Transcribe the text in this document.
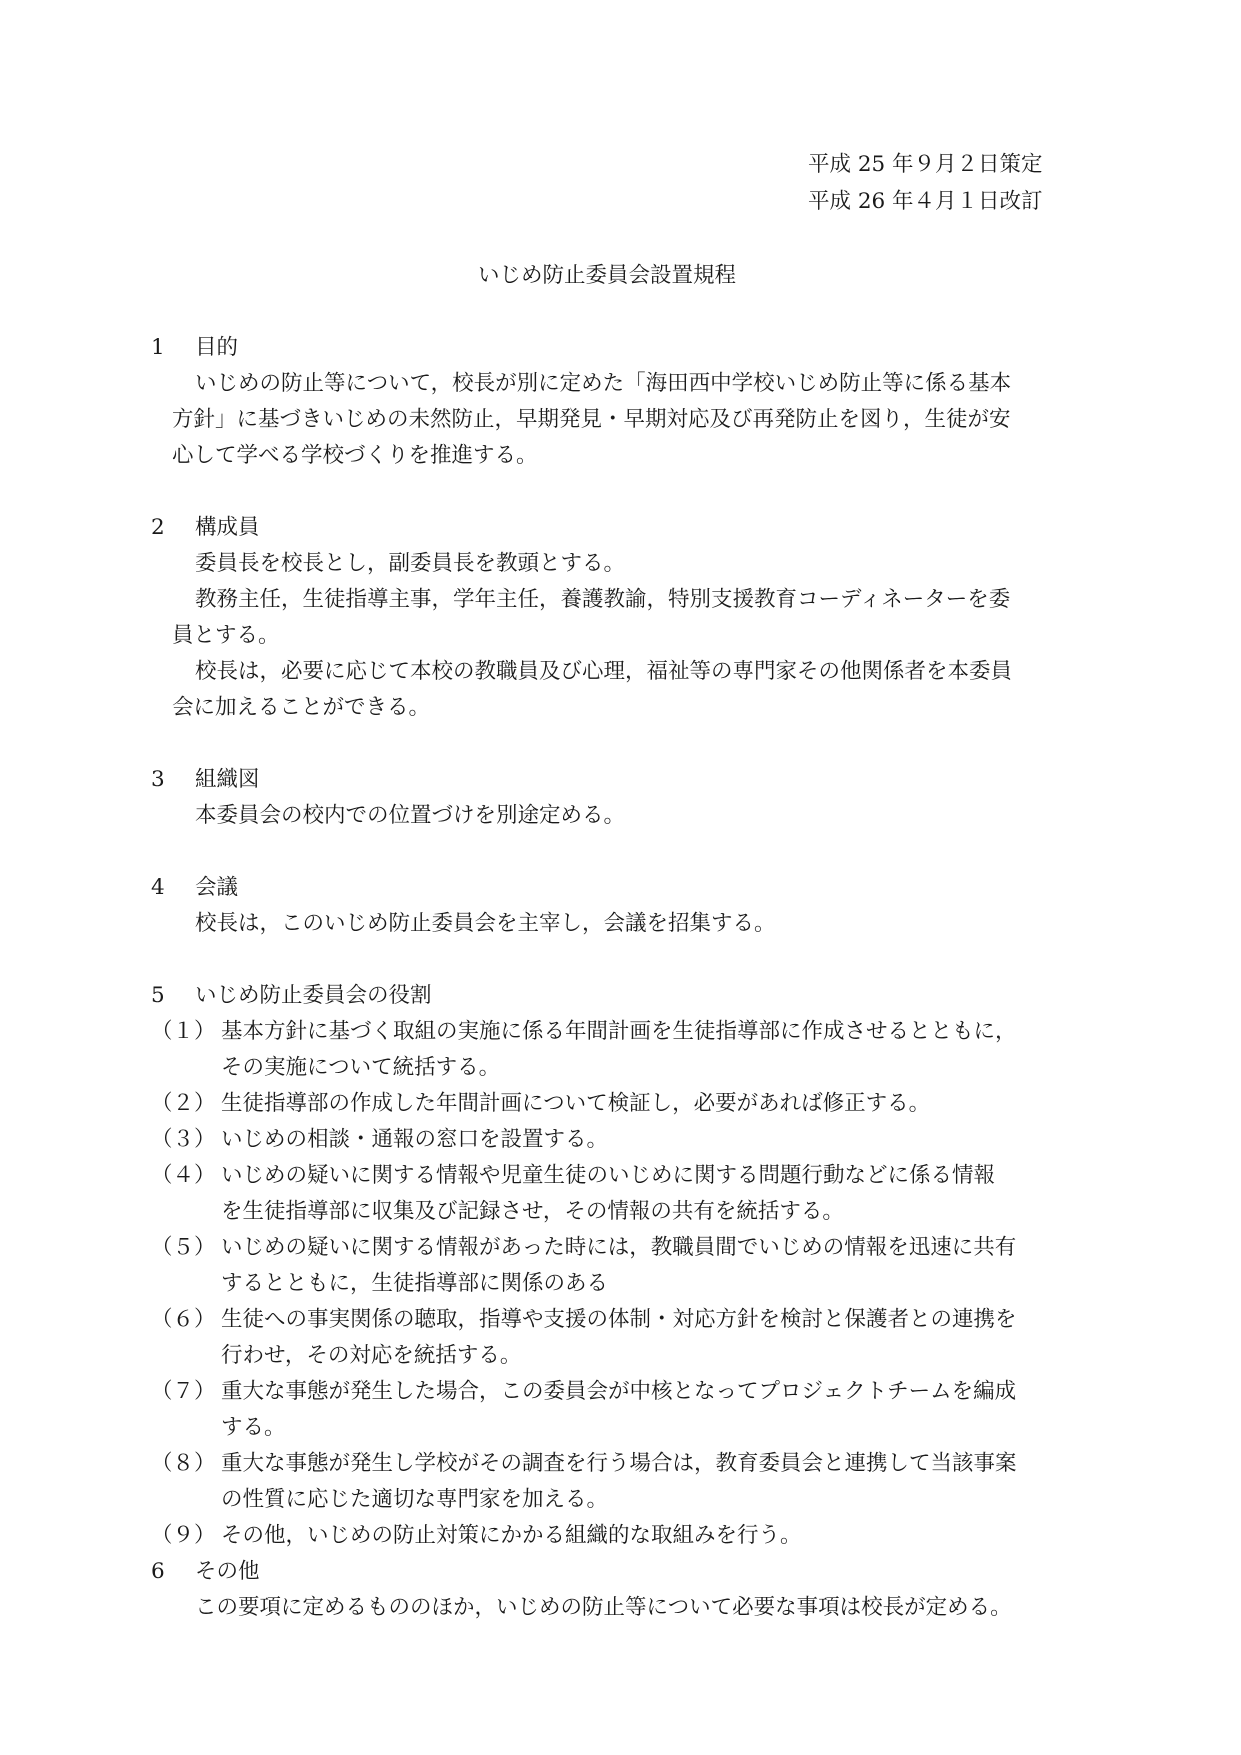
平成 25 年９月２日策定
平成 26 年４月１日改訂
いじめ防止委員会設置規程
1 目的
いじめの防止等について，校長が別に定めた「海田西中学校いじめ防止等に係る基本
方針」に基づきいじめの未然防止，早期発見・早期対応及び再発防止を図り，生徒が安
心して学べる学校づくりを推進する。
2 構成員
委員長を校長とし，副委員長を教頭とする。
教務主任，生徒指導主事，学年主任，養護教諭，特別支援教育コーディネーターを委
員とする。
校長は，必要に応じて本校の教職員及び心理，福祉等の専門家その他関係者を本委員
会に加えることができる。
3 組織図
本委員会の校内での位置づけを別途定める。
4 会議
校長は，このいじめ防止委員会を主宰し，会議を招集する。
5 いじめ防止委員会の役割
（１） 基本方針に基づく取組の実施に係る年間計画を生徒指導部に作成させるとともに，
その実施について統括する。
（２） 生徒指導部の作成した年間計画について検証し，必要があれば修正する。
（３） いじめの相談・通報の窓口を設置する。
（４） いじめの疑いに関する情報や児童生徒のいじめに関する問題行動などに係る情報
を生徒指導部に収集及び記録させ，その情報の共有を統括する。
（５） いじめの疑いに関する情報があった時には，教職員間でいじめの情報を迅速に共有
するとともに，生徒指導部に関係のある
（６） 生徒への事実関係の聴取，指導や支援の体制・対応方針を検討と保護者との連携を
行わせ，その対応を統括する。
（７） 重大な事態が発生した場合，この委員会が中核となってプロジェクトチームを編成
する。
（８） 重大な事態が発生し学校がその調査を行う場合は，教育委員会と連携して当該事案
の性質に応じた適切な専門家を加える。
（９） その他，いじめの防止対策にかかる組織的な取組みを行う。
6 その他
この要項に定めるもののほか，いじめの防止等について必要な事項は校長が定める。
